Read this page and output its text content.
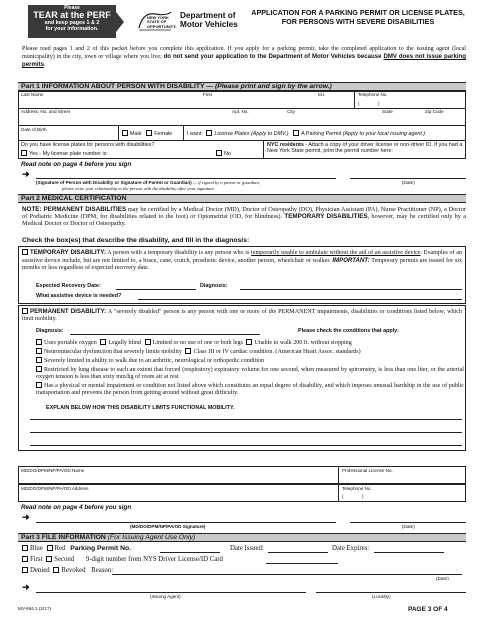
Please
TEAR at the PERF
and keep pages 1 & 2
for your information.
NEW YORK
STATE OF
OPPORTUNITY.
Department of
Motor Vehicles
APPLICATION FOR A PARKING PERMIT OR LICENSE PLATES,
FOR PERSONS WITH SEVERE DISABILITIES
Please read pages 1 and 2 of this packet before you complete this application. If you apply for a parking permit, take the completed application to the issuing agent (local municipality) in the city, town or village where you live; do not send your application to the Department of Motor Vehicles because DMV does not issue parking permits.
Part 1 INFORMATION ABOUT PERSON WITH DISABILITY — (Please print and sign by the arrow.)
Last Name	First	M.I.	Telephone No.
(	)
Address, No. and Street	Apt. No.	City	State	Zip Code
Date of Birth
Male Female	I want: License Plates (Apply to DMV.) A Parking Permit (Apply to your local issuing agent.)
Do you have license plates for persons with disabilities?
Yes - My license plate number is:	No
NYC residents - Attach a copy of your driver license or non-driver ID. If you had a New York State permit, print the permit number here:
Read note on page 4 before you sign
➜
(Signature of Person with Disability or Signature of Parent or Guardian) — if signed by a parent or guardian,
please write your relationship to the person with the disability after your signature
(Date)
Part 2 MEDICAL CERTIFICATION
NOTE: PERMANENT DISABILITIES may be certified by a Medical Doctor (MD), Doctor of Osteopathy (DO), Physician Assistant (PA), Nurse Practitioner (NP), a Doctor of Podiatric Medicine (DPM, for disabilities related to the foot) or Optometrist (OD, for blindness). TEMPORARY DISABILITIES, however, may be certified only by a Medical Doctor or Doctor of Osteopathy.
Check the box(es) that describe the disability, and fill in the diagnosis:
TEMPORARY DISABILITY: A person with a temporary disability is any person who is temporarily unable to ambulate without the aid of an assistive device. Examples of an assistive device include, but are not limited to, a brace, cane, crutch, prosthetic device, another person, wheelchair or walker. IMPORTANT: Temporary permits are issued for six months or less regardless of expected recovery date.
Expected Recovery Date:	Diagnosis:
What assistive device is needed?
PERMANENT DISABILITY: A "severely disabled" person is any person with one or more of the PERMANENT impairments, disabilities or conditions listed below, which limit mobility.
Diagnosis:	Please check the conditions that apply:
Uses portable oxygen Legally blind Limited or no use of one or both legs Unable to walk 200 ft. without stopping
Neuromuscular dysfunction that severely limits mobility Class III or IV cardiac condition. (American Heart Assoc. standards)
Severely limited in ability to walk due to an arthritic, neurological or orthopedic condition
Restricted by lung disease to such an extent that forced (respiratory) expiratory volume for one second, when measured by spirometry, is less than one liter, or the arterial oxygen tension is less than sixty mm/hg of room air at rest
Has a physical or mental impairment or condition not listed above which constitutes an equal degree of disability, and which imposes unusual hardship in the use of public transportation and prevents the person from getting around without great difficulty.
EXPLAIN BELOW HOW THIS DISABILITY LIMITS FUNCTIONAL MOBILITY.
MD/DO/DPM/NP/PA/OD Name	Professional License No.
MD/DO/DPM/NP/PA/OD Address	Telephone No.
(	)
Read note on page 4 before you sign
➜
(MD/DO/DPM/NP/PA/OD Signature)	(Date)
Part 3 FILE INFORMATION (For Issuing Agent Use Only)
Blue Red Parking Permit No.	Date Issued:	Date Expires:
First Second 9-digit number from NYS Driver License/ID Card
Denied Revoked Reason:
(Date)
➜
(Issuing Agent)	(Locality)
MV-664.1 (2/17)	PAGE 3 OF 4
